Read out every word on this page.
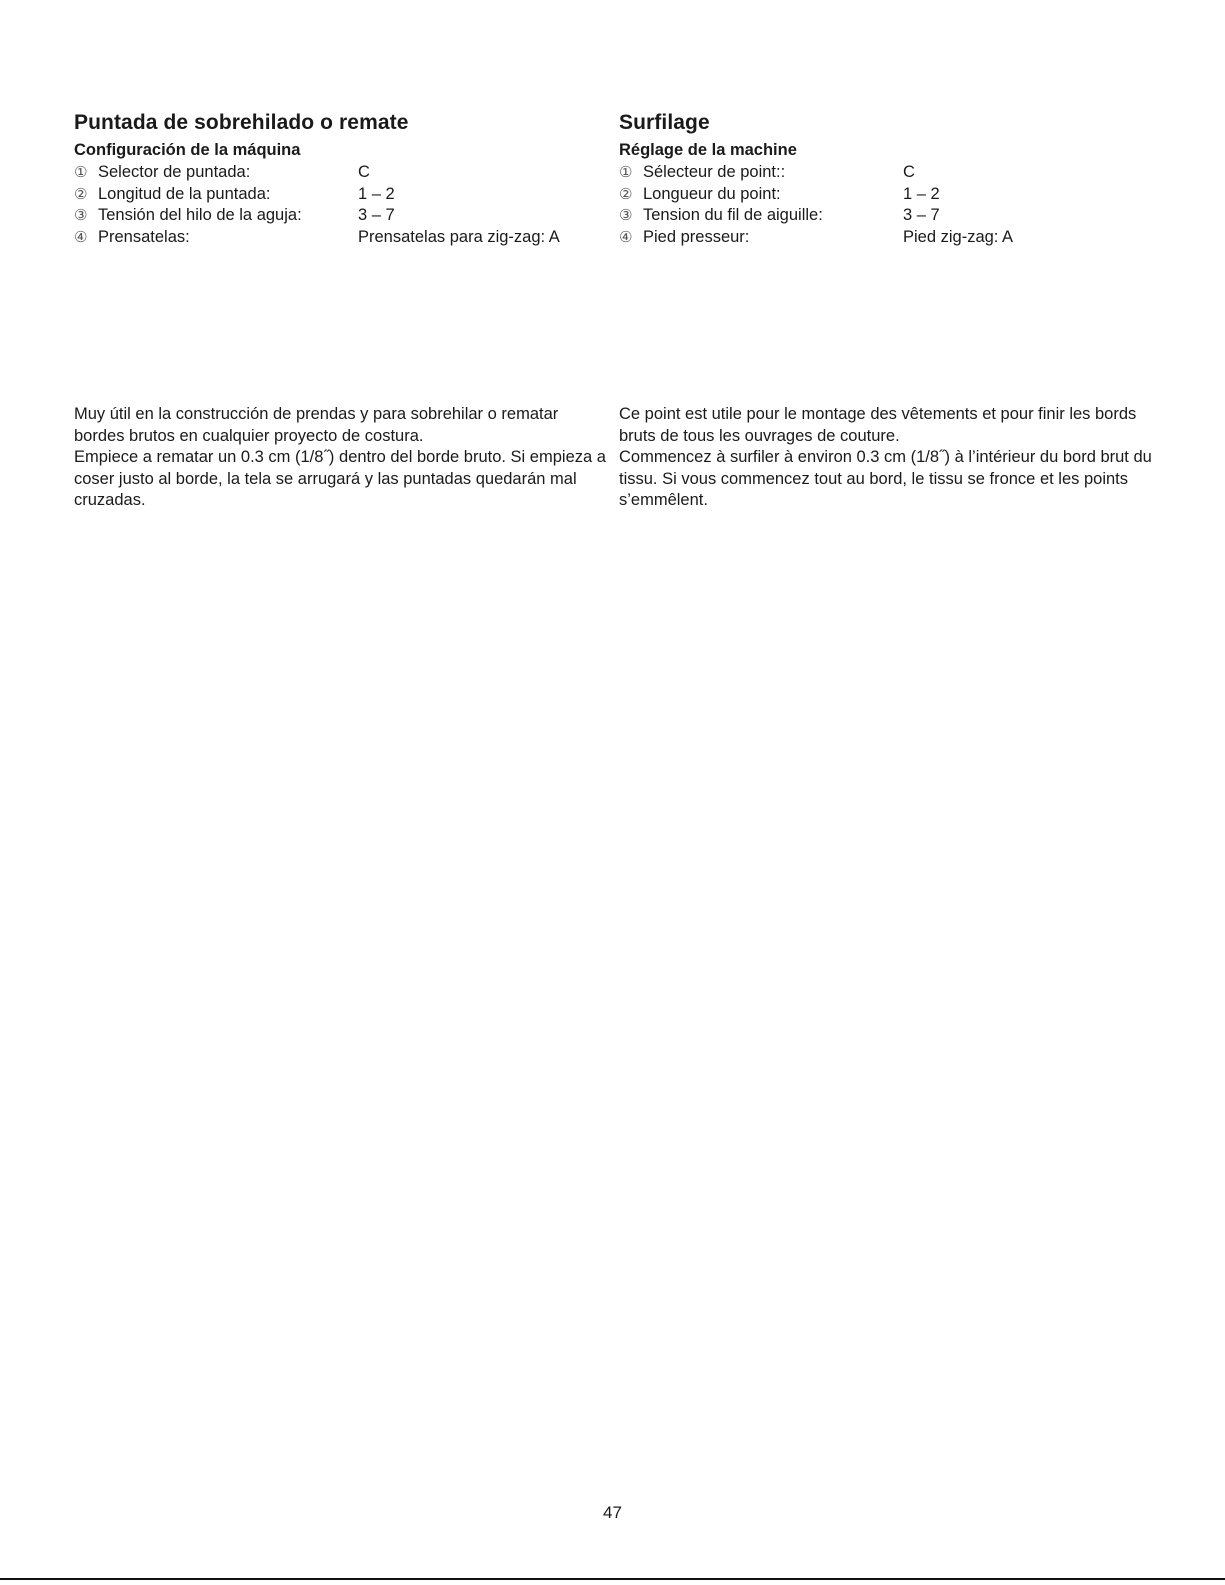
Puntada de sobrehilado o remate
Configuración de la máquina
① Selector de puntada:	C
② Longitud de la puntada:	1 – 2
③ Tensión del hilo de la aguja:	3 – 7
④ Prensatelas:	Prensatelas para zig-zag: A
Surfilage
Réglage de la machine
① Sélecteur de point::	C
② Longueur du point:	1 – 2
③ Tension du fil de aiguille:	3 – 7
④ Pied presseur:	Pied zig-zag: A

Muy útil en la construcción de prendas y para sobrehilar o rematar bordes brutos en cualquier proyecto de costura.

Empiece a rematar un 0.3 cm (1/8˝) dentro del borde bruto. Si empieza a coser justo al borde, la tela se arrugará y las puntadas quedarán mal cruzadas.

Ce point est utile pour le montage des vêtements et pour finir les bords bruts de tous les ouvrages de couture.

Commencez à surfiler à environ 0.3 cm (1/8˝) à l’intérieur du bord brut du tissu. Si vous commencez tout au bord, le tissu se fronce et les points s’emmêlent.

47
